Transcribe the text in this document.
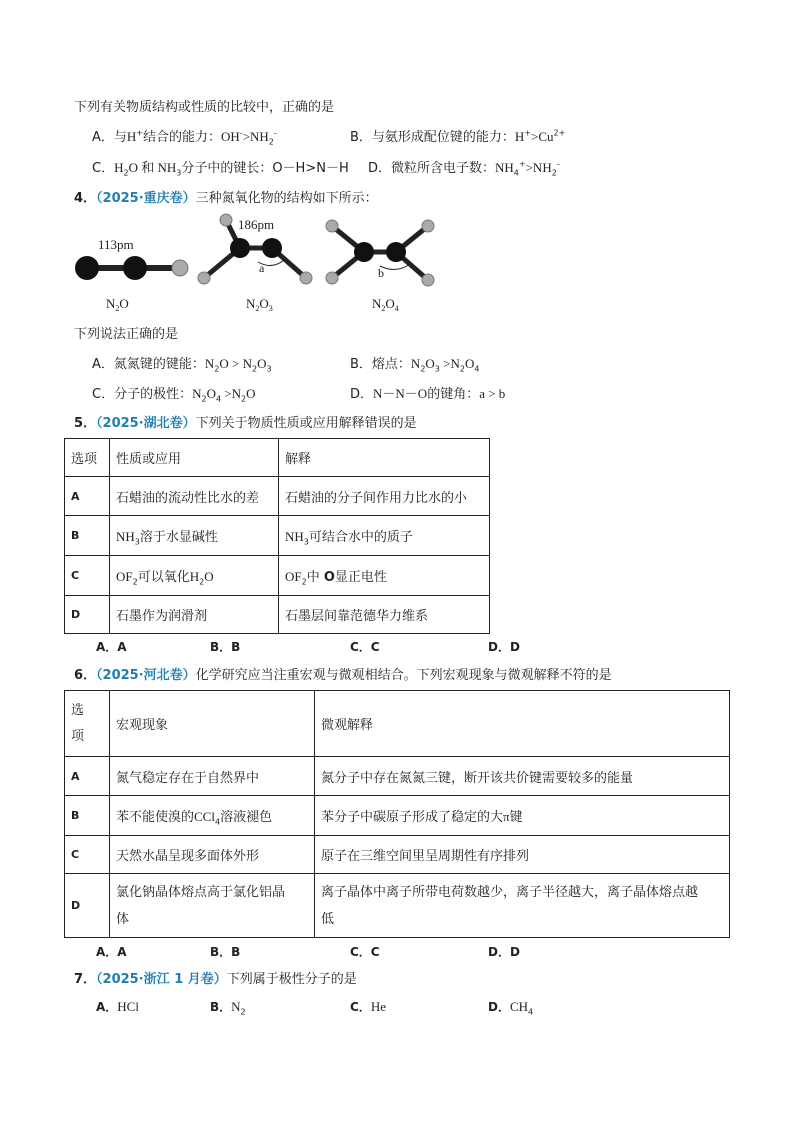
下列有关物质结构或性质的比较中，正确的是
A．与H+结合的能力：$OH^->NH_2^-$	B．与氨形成配位键的能力：$H^+>Cu^{2+}$
C．$H_2O$ 和 $NH_3$分子中的键长：O－H>N－H D．微粒所含电子数：$NH_4^+>NH_2^-$
4．（2025·重庆卷）三种氮氧化物的结构如下所示：
113pm
186pm
a	b
$N_2O$	$N_2O_3$	$N_2O_4$
下列说法正确的是
A．氮氮键的键能：$N_2O > N_2O_3$	B．熔点：$N_2O_3 >N_2O_4$
C．分子的极性：$N_2O_4 >N_2O$	D．N－N－O的键角：a > b
5．（2025·湖北卷）下列关于物质性质或应用解释错误的是
选项	性质或应用	解释
A	石蜡油的流动性比水的差	石蜡油的分子间作用力比水的小
B	$NH_3$溶于水显碱性	$NH_3$可结合水中的质子
C	$OF_2$可以氧化$H_2O$	$OF_2$中 O显正电性
D	石墨作为润滑剂	石墨层间靠范德华力维系
A．A	B．B	C．C	D．D
6．（2025·河北卷）化学研究应当注重宏观与微观相结合。下列宏观现象与微观解释不符的是
选
项	宏观现象	微观解释
A	氮气稳定存在于自然界中	氮分子中存在氮氮三键，断开该共价键需要较多的能量
B	苯不能使溴的CCl$_4$溶液褪色	苯分子中碳原子形成了稳定的大π键
C	天然水晶呈现多面体外形	原子在三维空间里呈周期性有序排列
D	氯化钠晶体熔点高于氯化铝晶
体	离子晶体中离子所带电荷数越少，离子半径越大，离子晶体熔点越
低
A．A	B．B	C．C	D．D
7．（2025·浙江 1 月卷）下列属于极性分子的是
A．HCl	B．$N_2$	C．He	D．$CH_4$
